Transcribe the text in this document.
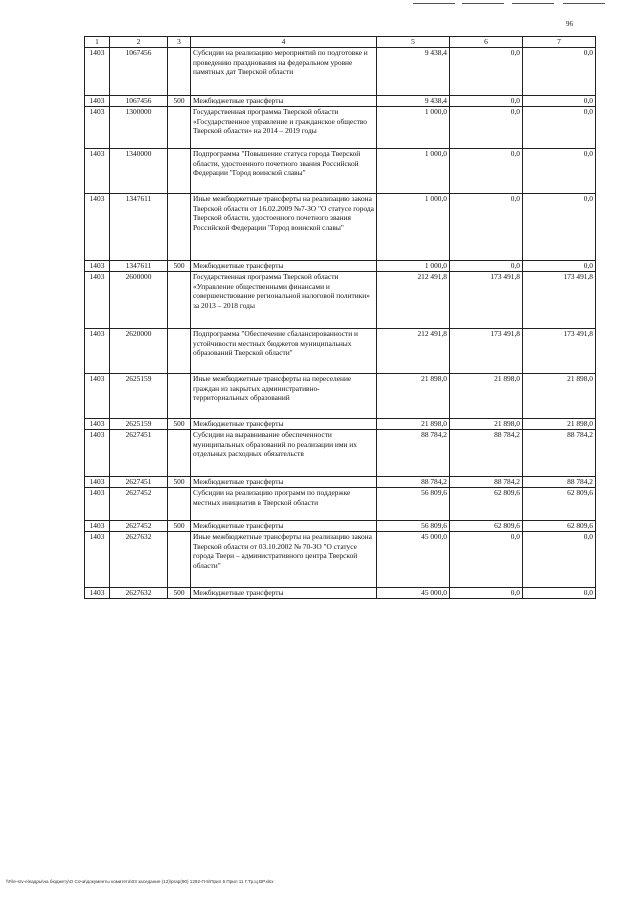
96
1	2	3	4	5	6	7
1403	1067456		Субсидии на реализацию мероприятий по подготовке и проведению празднования на федеральном уровне памятных дат Тверской области	9 438,4	0,0	0,0
1403	1067456	500	Межбюджетные трансферты	9 438,4	0,0	0,0
1403	1300000		Государственная программа Тверской области «Государственное управление и гражданское общество Тверской области» на 2014 – 2019 годы	1 000,0	0,0	0,0
1403	1340000		Подпрограмма "Повышение статуса города Тверской области, удостоенного почетного звания Российской Федерации "Город воинской славы"	1 000,0	0,0	0,0
1403	1347611		Иные межбюджетные трансферты на реализацию закона Тверской области от 16.02.2009 №7-ЗО "О статусе города Тверской области, удостоенного почетного звания Российской Федерации "Город воинской славы"	1 000,0	0,0	0,0
1403	1347611	500	Межбюджетные трансферты	1 000,0	0,0	0,0
1403	2600000		Государственная программа Тверской области «Управление общественными финансами и совершенствование региональной налоговой политики» за 2013 – 2018 годы	212 491,8	173 491,8	173 491,8
1403	2620000		Подпрограмма "Обеспечение сбалансированности и устойчивости местных бюджетов муниципальных образований Тверской области"	212 491,8	173 491,8	173 491,8
1403	2625159		Иные межбюджетные трансферты на переселение граждан из закрытых административно-территориальных образований	21 898,0	21 898,0	21 898,0
1403	2625159	500	Межбюджетные трансферты	21 898,0	21 898,0	21 898,0
1403	2627451		Субсидии на выравнивание обеспеченности муниципальных образований по реализации ими их отдельных расходных обязательств	88 784,2	88 784,2	88 784,2
1403	2627451	500	Межбюджетные трансферты	88 784,2	88 784,2	88 784,2
1403	2627452		Субсидии на реализацию программ по поддержке местных инициатив в Тверской области	56 809,6	62 809,6	62 809,6
1403	2627452	500	Межбюджетные трансферты	56 809,6	62 809,6	62 809,6
1403	2627632		Иные межбюджетные трансферты на реализацию закона Тверской области от 03.10.2002 № 70-ЗО "О статусе города Твери – административного центра Тверской области"	45 000,0	0,0	0,0
1403	2627632	500	Межбюджетные трансферты	45 000,0	0,0	0,0
\\File-srv-e\кадры\на бюджету\О Сочи\документы комитета\03 заседание (12)\ргар(90) 1292-П-5\Прил 5 Прил 11 Г.Тр.Ц.ВР.xlsx
